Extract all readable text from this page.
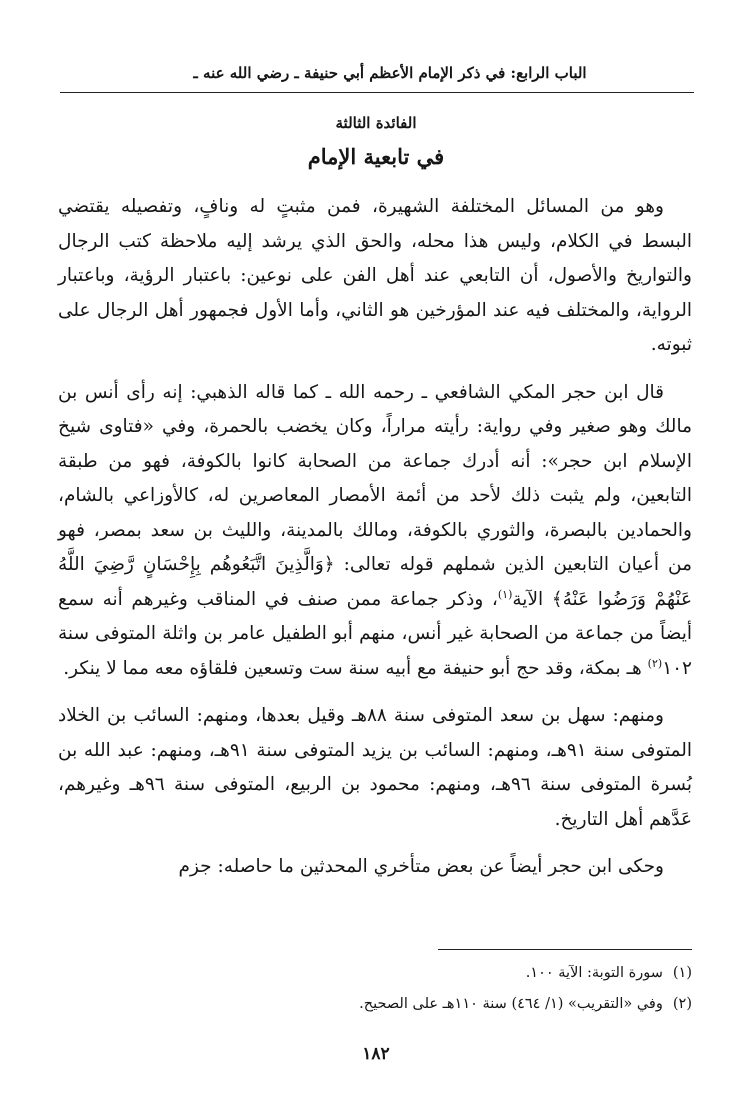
الباب الرابع: في ذكر الإمام الأعظم أبي حنيفة ـ رضي الله عنه ـ
الفائدة الثالثة
في تابعية الإمام

وهو من المسائل المختلفة الشهيرة، فمن مثبتٍ له ونافٍ، وتفصيله يقتضي البسط في الكلام، وليس هذا محله، والحق الذي يرشد إليه ملاحظة كتب الرجال والتواريخ والأصول، أن التابعي عند أهل الفن على نوعين: باعتبار الرؤية، وباعتبار الرواية، والمختلف فيه عند المؤرخين هو الثاني، وأما الأول فجمهور أهل الرجال على ثبوته.

قال ابن حجر المكي الشافعي ـ رحمه الله ـ كما قاله الذهبي: إنه رأى أنس بن مالك وهو صغير وفي رواية: رأيته مراراً، وكان يخضب بالحمرة، وفي «فتاوى شيخ الإسلام ابن حجر»: أنه أدرك جماعة من الصحابة كانوا بالكوفة، فهو من طبقة التابعين، ولم يثبت ذلك لأحد من أئمة الأمصار المعاصرين له، كالأوزاعي بالشام، والحمادين بالبصرة، والثوري بالكوفة، ومالك بالمدينة، والليث بن سعد بمصر، فهو من أعيان التابعين الذين شملهم قوله تعالى: ﴿وَالَّذِينَ اتَّبَعُوهُم بِإِحْسَانٍ رَّضِيَ اللَّهُ عَنْهُمْ وَرَضُوا عَنْهُ﴾ الآية$^{(١)}$، وذكر جماعة ممن صنف في المناقب وغيرهم أنه سمع أيضاً من جماعة من الصحابة غير أنس، منهم أبو الطفيل عامر بن واثلة المتوفى سنة ١٠٢$^{(٢)}$ هـ بمكة، وقد حج أبو حنيفة مع أبيه سنة ست وتسعين فلقاؤه معه مما لا ينكر.

ومنهم: سهل بن سعد المتوفى سنة ٨٨هـ وقيل بعدها، ومنهم: السائب بن الخلاد المتوفى سنة ٩١هـ، ومنهم: السائب بن يزيد المتوفى سنة ٩١هـ، ومنهم: عبد الله بن بُسرة المتوفى سنة ٩٦هـ، ومنهم: محمود بن الربيع، المتوفى سنة ٩٦هـ وغيرهم، عَدَّهم أهل التاريخ.

وحكى ابن حجر أيضاً عن بعض متأخري المحدثين ما حاصله: جزم

(١)سورة التوبة: الآية ١٠٠.
(٢)وفي «التقريب» (١/ ٤٦٤) سنة ١١٠هـ على الصحيح.
١٨٢
